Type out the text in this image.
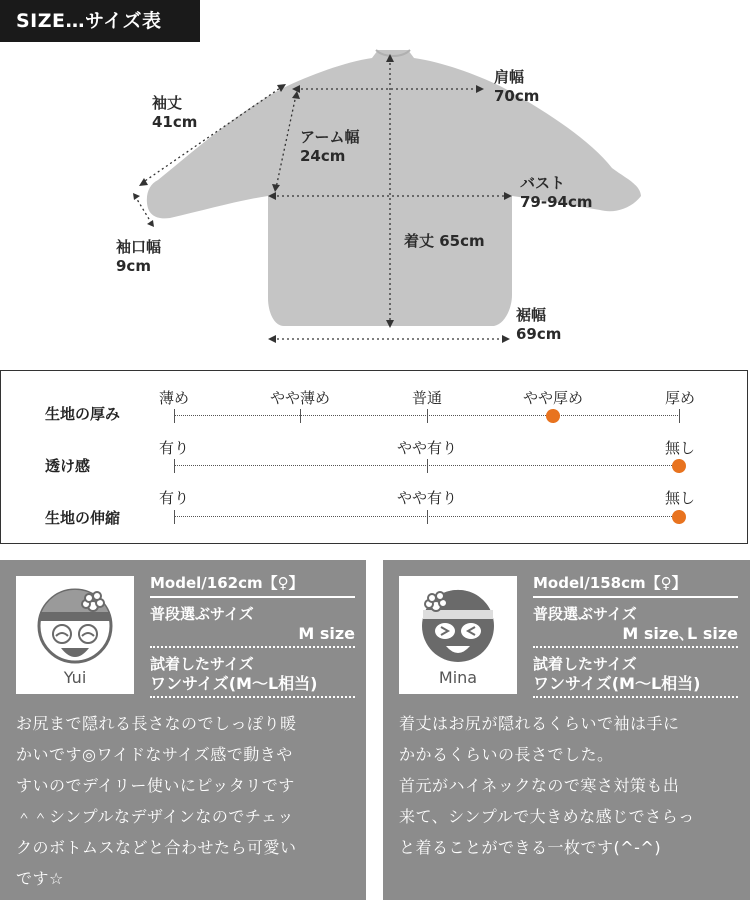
SIZE…サイズ表
袖丈
41cm
肩幅
70cm
アーム幅
24cm
バスト
79-94cm
袖口幅
9cm
着丈 65cm
裾幅
69cm
生地の厚み
薄め	やや薄め	普通	やや厚め	厚め
透け感
有り	やや有り	無し
生地の伸縮
有り	やや有り	無し
Yui
Model/162cm【♀】
普段選ぶサイズ
M size
試着したサイズ
ワンサイズ(M〜L相当)
お尻まで隠れる長さなのでしっぽり暖
かいです◎ワイドなサイズ感で動きや
すいのでデイリー使いにピッタリです
＾＾シンプルなデザインなのでチェッ
クのボトムスなどと合わせたら可愛い
です☆
Mina
Model/158cm【♀】
普段選ぶサイズ
M size､L size
試着したサイズ
ワンサイズ(M〜L相当)
着丈はお尻が隠れるくらいで袖は手に
かかるくらいの長さでした。
首元がハイネックなので寒さ対策も出
来て、シンプルで大きめな感じでさらっ
と着ることができる一枚です(^-^)
